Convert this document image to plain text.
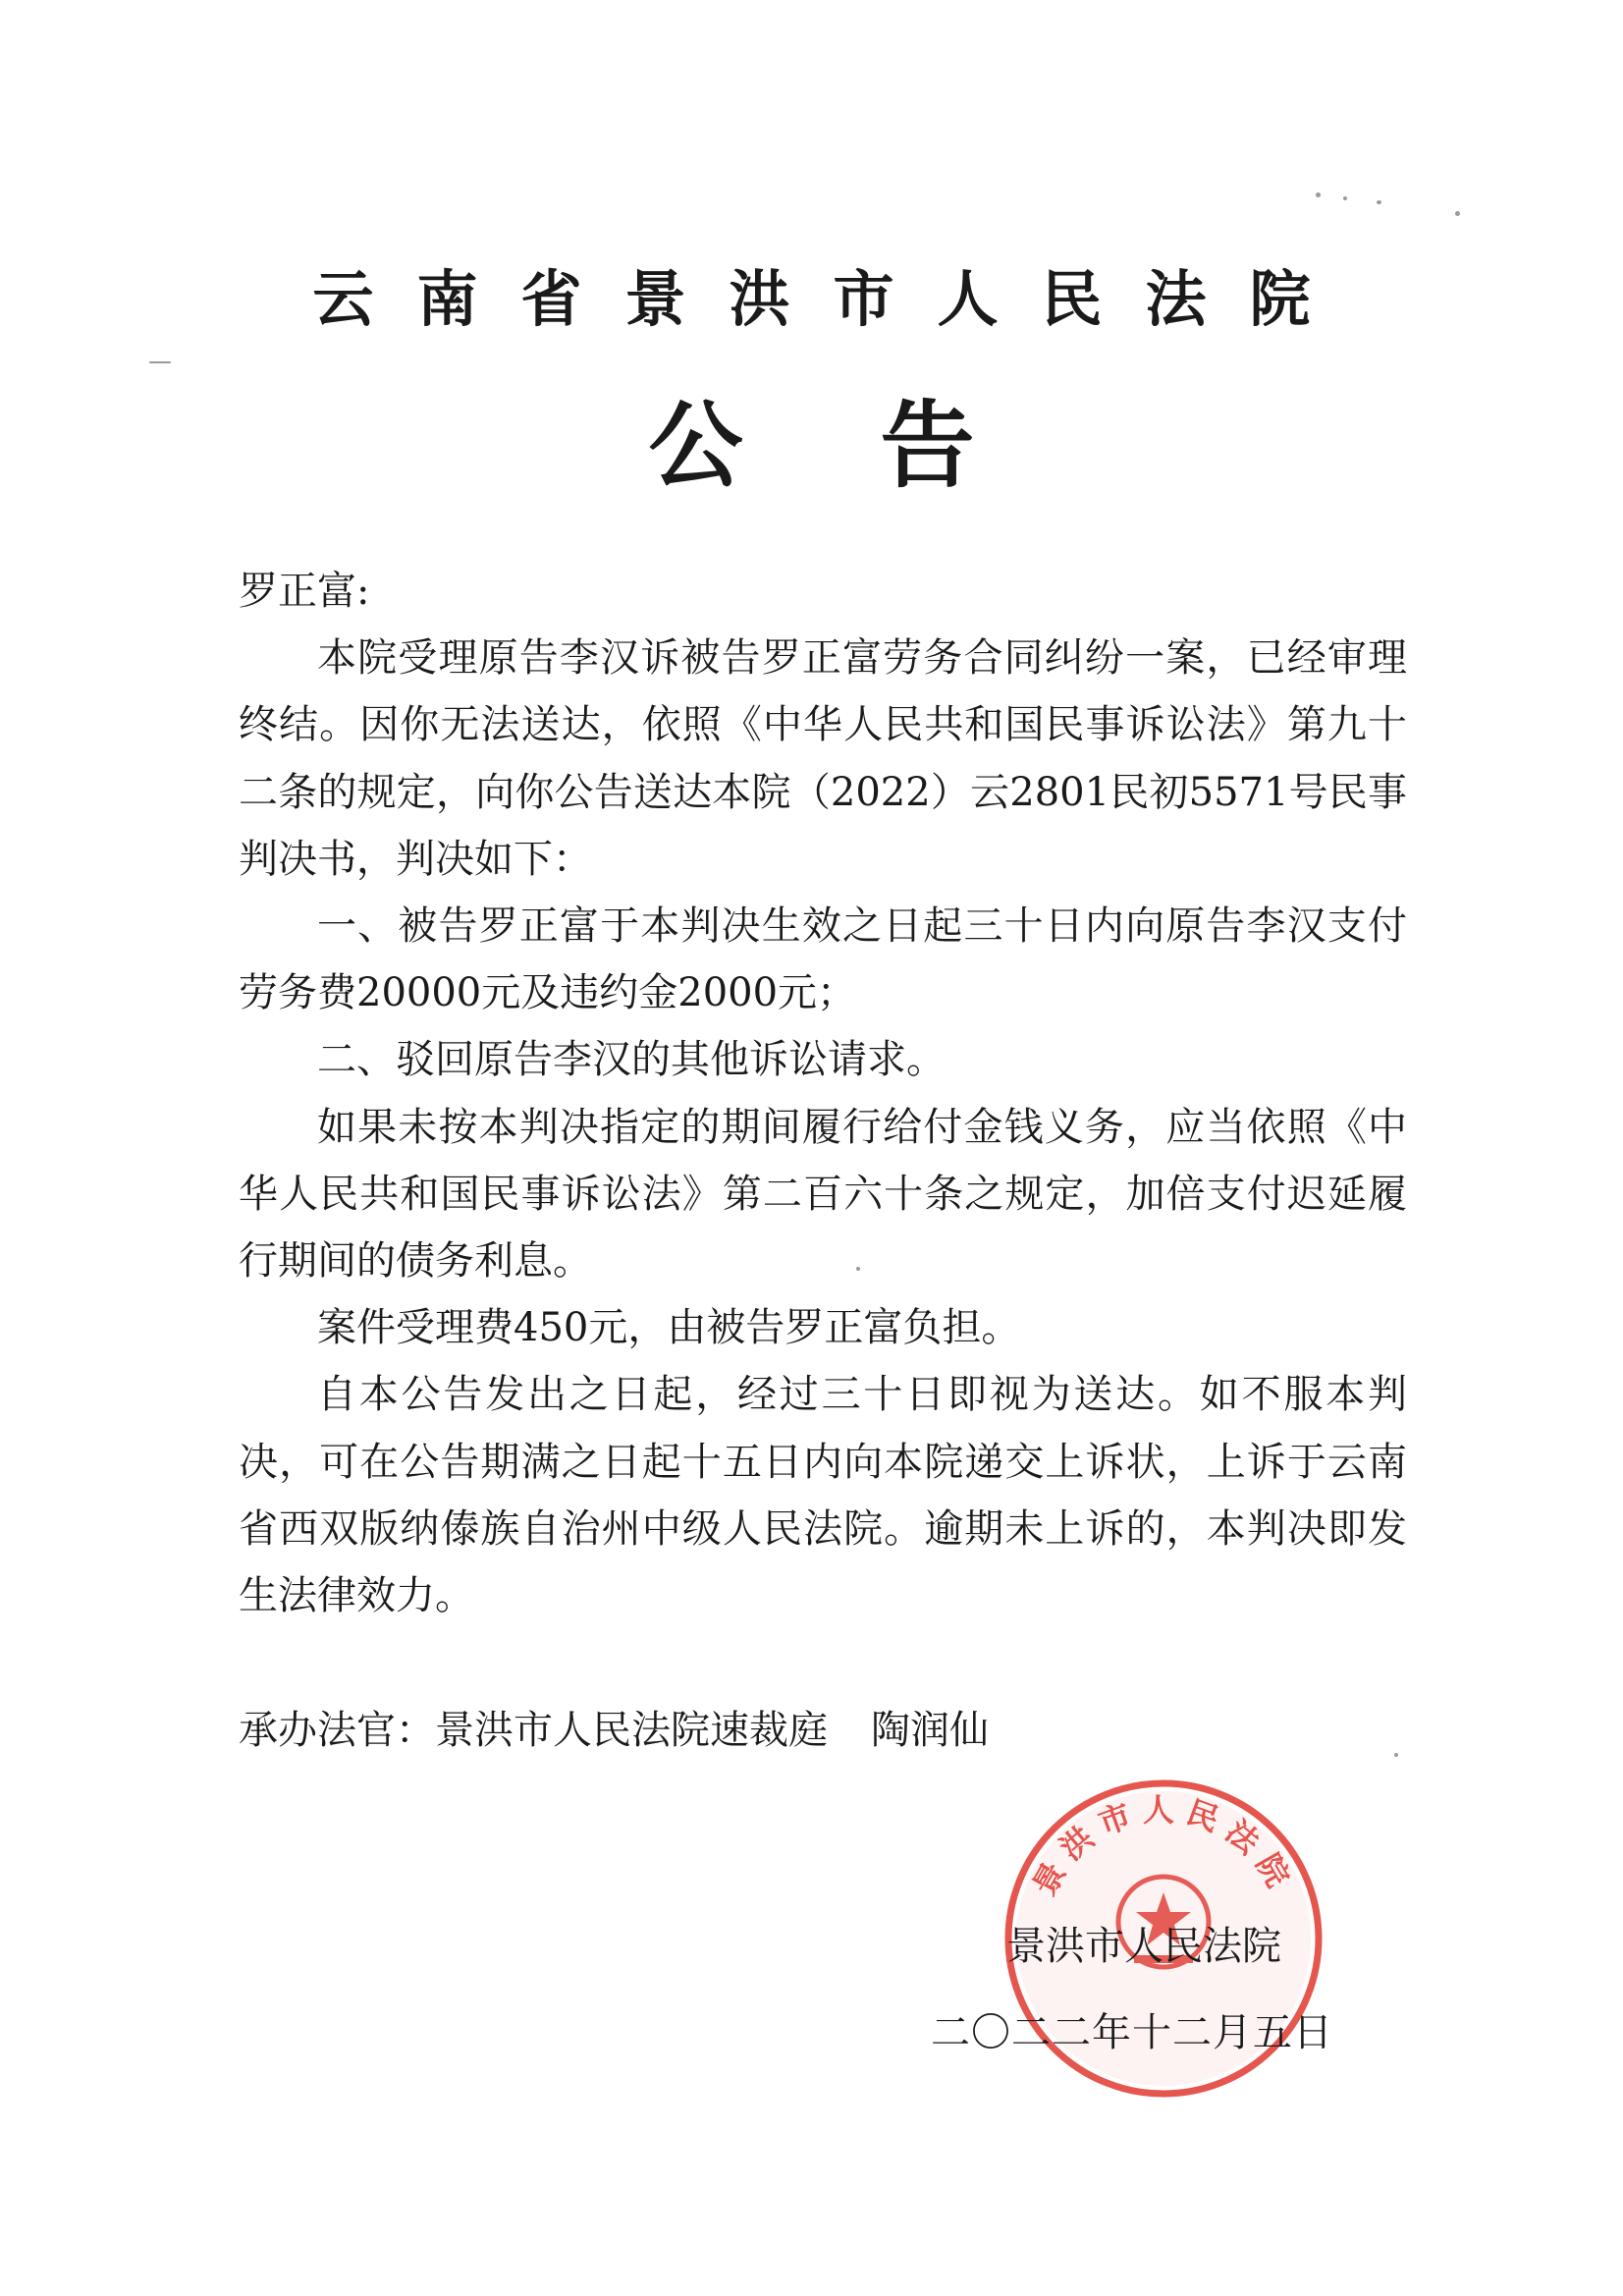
云南省景洪市人民法院
公告

罗正富:

本院受理原告李汉诉被告罗正富劳务合同纠纷一案，已经审理终结。因你无法送达，依照《中华人民共和国民事诉讼法》第九十二条的规定，向你公告送达本院（2022）云2801民初5571号民事判决书，判决如下：

一、被告罗正富于本判决生效之日起三十日内向原告李汉支付劳务费20000元及违约金2000元；

二、驳回原告李汉的其他诉讼请求。

如果未按本判决指定的期间履行给付金钱义务，应当依照《中华人民共和国民事诉讼法》第二百六十条之规定，加倍支付迟延履行期间的债务利息。

案件受理费450元，由被告罗正富负担。

自本公告发出之日起，经过三十日即视为送达。如不服本判决，可在公告期满之日起十五日内向本院递交上诉状，上诉于云南省西双版纳傣族自治州中级人民法院。逾期未上诉的，本判决即发生法律效力。

承办法官：景洪市人民法院速裁庭 陶润仙
景洪市人民法院
景洪市人民法院
二〇二二年十二月五日
